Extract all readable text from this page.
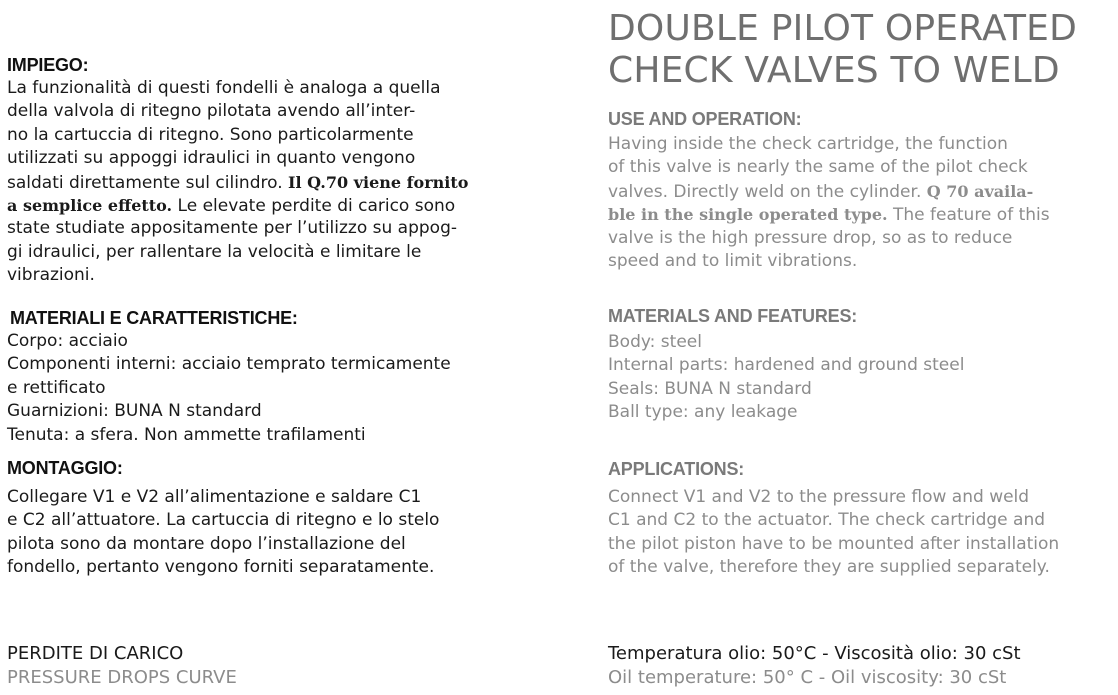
IMPIEGO:
La funzionalità di questi fondelli è analoga a quella
della valvola di ritegno pilotata avendo all’inter-
no la cartuccia di ritegno. Sono particolarmente
utilizzati su appoggi idraulici in quanto vengono
saldati direttamente sul cilindro. Il Q.70 viene fornito
a semplice effetto. Le elevate perdite di carico sono
state studiate appositamente per l’utilizzo su appog-
gi idraulici, per rallentare la velocità e limitare le
vibrazioni.
MATERIALI E CARATTERISTICHE:
Corpo: acciaio
Componenti interni: acciaio temprato termicamente
e rettificato
Guarnizioni: BUNA N standard
Tenuta: a sfera. Non ammette trafilamenti
MONTAGGIO:
Collegare V1 e V2 all’alimentazione e saldare C1
e C2 all’attuatore. La cartuccia di ritegno e lo stelo
pilota sono da montare dopo l’installazione del
fondello, pertanto vengono forniti separatamente.
PERDITE DI CARICO
PRESSURE DROPS CURVE
DOUBLE PILOT OPERATED
CHECK VALVES TO WELD
USE AND OPERATION:
Having inside the check cartridge, the function
of this valve is nearly the same of the pilot check
valves. Directly weld on the cylinder. Q 70 availa-
ble in the single operated type. The feature of this
valve is the high pressure drop, so as to reduce
speed and to limit vibrations.
MATERIALS AND FEATURES:
Body: steel
Internal parts: hardened and ground steel
Seals: BUNA N standard
Ball type: any leakage
APPLICATIONS:
Connect V1 and V2 to the pressure flow and weld
C1 and C2 to the actuator. The check cartridge and
the pilot piston have to be mounted after installation
of the valve, therefore they are supplied separately.
Temperatura olio: 50°C - Viscosità olio: 30 cSt
Oil temperature: 50° C - Oil viscosity: 30 cSt
